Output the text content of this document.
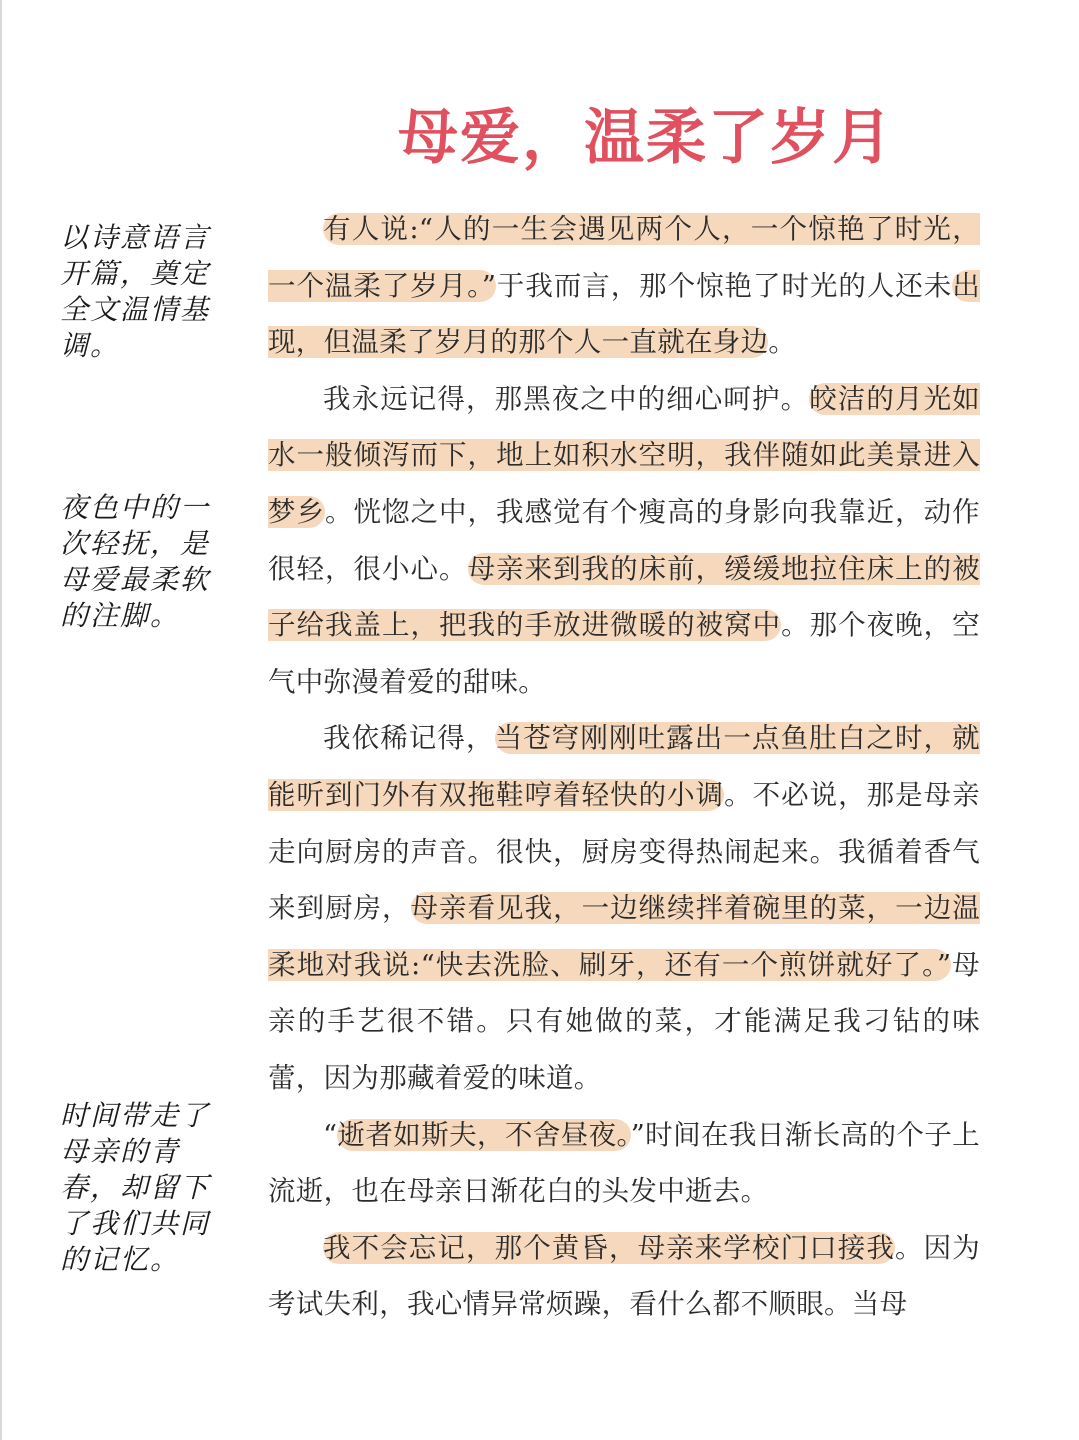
母爱，温柔了岁月

以诗意语言开篇，奠定全文温情基调。

夜色中的一次轻抚，是母爱最柔软的注脚。

时间带走了母亲的青春，却留下了我们共同的记忆。

有人说:“人的一生会遇见两个人，一个惊艳了时光，一个温柔了岁月。”于我而言，那个惊艳了时光的人还未出现，但温柔了岁月的那个人一直就在身边。

我永远记得，那黑夜之中的细心呵护。皎洁的月光如水一般倾泻而下，地上如积水空明，我伴随如此美景进入梦乡。恍惚之中，我感觉有个瘦高的身影向我靠近，动作很轻，很小心。母亲来到我的床前，缓缓地拉住床上的被子给我盖上，把我的手放进微暖的被窝中。那个夜晚，空气中弥漫着爱的甜味。

我依稀记得，当苍穹刚刚吐露出一点鱼肚白之时，就能听到门外有双拖鞋哼着轻快的小调。不必说，那是母亲走向厨房的声音。很快，厨房变得热闹起来。我循着香气来到厨房，母亲看见我，一边继续拌着碗里的菜，一边温柔地对我说:“快去洗脸、刷牙，还有一个煎饼就好了。”母亲的手艺很不错。只有她做的菜，才能满足我刁钻的味蕾，因为那藏着爱的味道。

“逝者如斯夫，不舍昼夜。”时间在我日渐长高的个子上流逝，也在母亲日渐花白的头发中逝去。

我不会忘记，那个黄昏，母亲来学校门口接我。因为考试失利，我心情异常烦躁，看什么都不顺眼。当母
